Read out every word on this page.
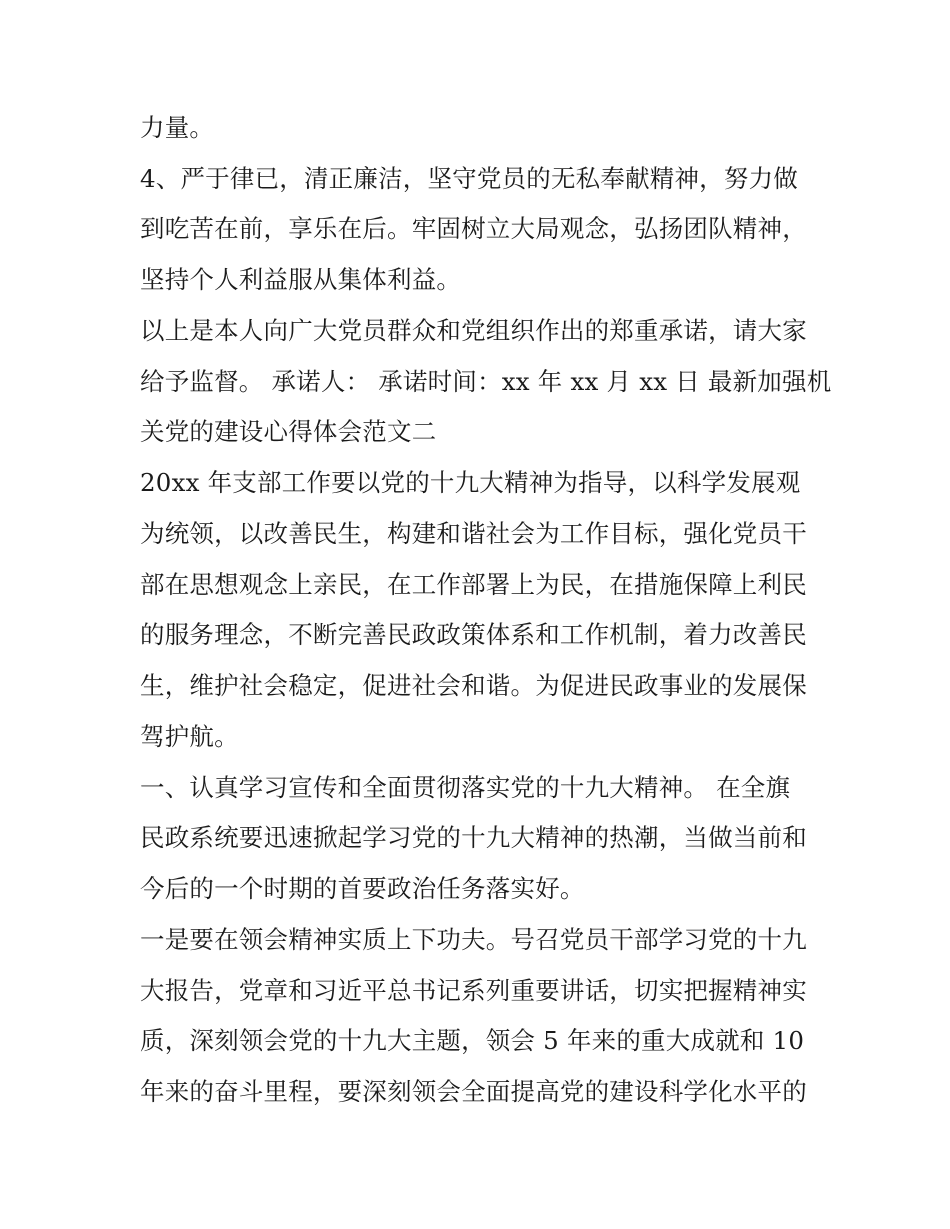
力量。
4、严于律已，清正廉洁，坚守党员的无私奉献精神，努力做
到吃苦在前，享乐在后。牢固树立大局观念，弘扬团队精神，
坚持个人利益服从集体利益。
以上是本人向广大党员群众和党组织作出的郑重承诺，请大家
给予监督。 承诺人： 承诺时间：xx 年 xx 月 xx 日 最新加强机
关党的建设心得体会范文二
20xx 年支部工作要以党的十九大精神为指导，以科学发展观
为统领，以改善民生，构建和谐社会为工作目标，强化党员干
部在思想观念上亲民，在工作部署上为民，在措施保障上利民
的服务理念，不断完善民政政策体系和工作机制，着力改善民
生，维护社会稳定，促进社会和谐。为促进民政事业的发展保
驾护航。
一、认真学习宣传和全面贯彻落实党的十九大精神。 在全旗
民政系统要迅速掀起学习党的十九大精神的热潮，当做当前和
今后的一个时期的首要政治任务落实好。
一是要在领会精神实质上下功夫。号召党员干部学习党的十九
大报告，党章和习近平总书记系列重要讲话，切实把握精神实
质，深刻领会党的十九大主题，领会 5 年来的重大成就和 10
年来的奋斗里程，要深刻领会全面提高党的建设科学化水平的
